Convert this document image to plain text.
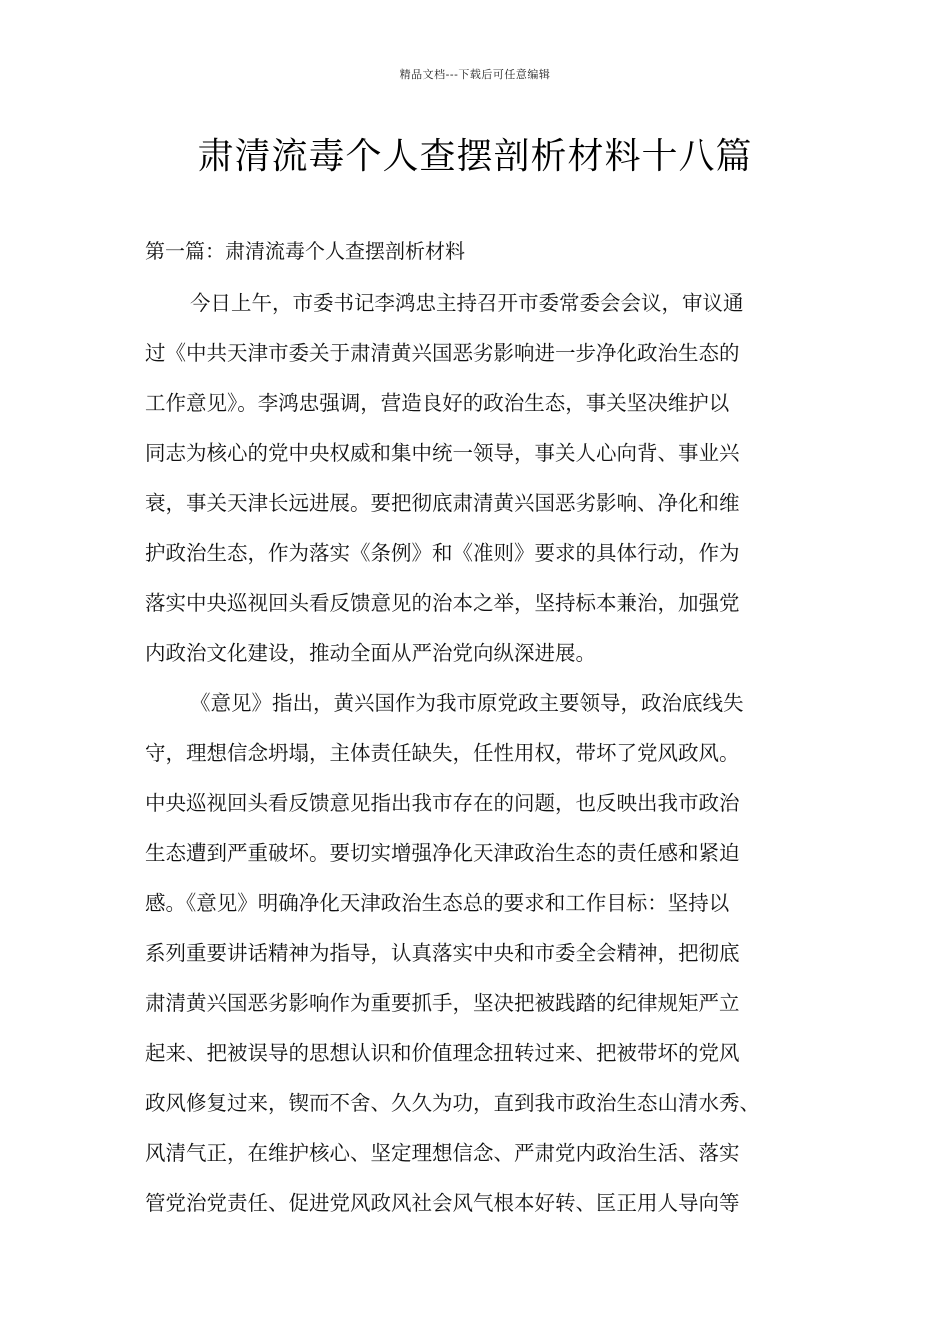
精品文档---下载后可任意编辑
肃清流毒个人查摆剖析材料十八篇
第一篇：肃清流毒个人查摆剖析材料
今日上午，市委书记李鸿忠主持召开市委常委会会议，审议通
过《中共天津市委关于肃清黄兴国恶劣影响进一步净化政治生态的
工作意见》。李鸿忠强调，营造良好的政治生态，事关坚决维护以
同志为核心的党中央权威和集中统一领导，事关人心向背、事业兴
衰，事关天津长远进展。要把彻底肃清黄兴国恶劣影响、净化和维
护政治生态，作为落实《条例》和《准则》要求的具体行动，作为
落实中央巡视回头看反馈意见的治本之举，坚持标本兼治，加强党
内政治文化建设，推动全面从严治党向纵深进展。
《意见》指出，黄兴国作为我市原党政主要领导，政治底线失
守，理想信念坍塌，主体责任缺失，任性用权，带坏了党风政风。
中央巡视回头看反馈意见指出我市存在的问题，也反映出我市政治
生态遭到严重破坏。要切实增强净化天津政治生态的责任感和紧迫
感。《意见》明确净化天津政治生态总的要求和工作目标：坚持以
系列重要讲话精神为指导，认真落实中央和市委全会精神，把彻底
肃清黄兴国恶劣影响作为重要抓手，坚决把被践踏的纪律规矩严立
起来、把被误导的思想认识和价值理念扭转过来、把被带坏的党风
政风修复过来，锲而不舍、久久为功，直到我市政治生态山清水秀、
风清气正，在维护核心、坚定理想信念、严肃党内政治生活、落实
管党治党责任、促进党风政风社会风气根本好转、匡正用人导向等
